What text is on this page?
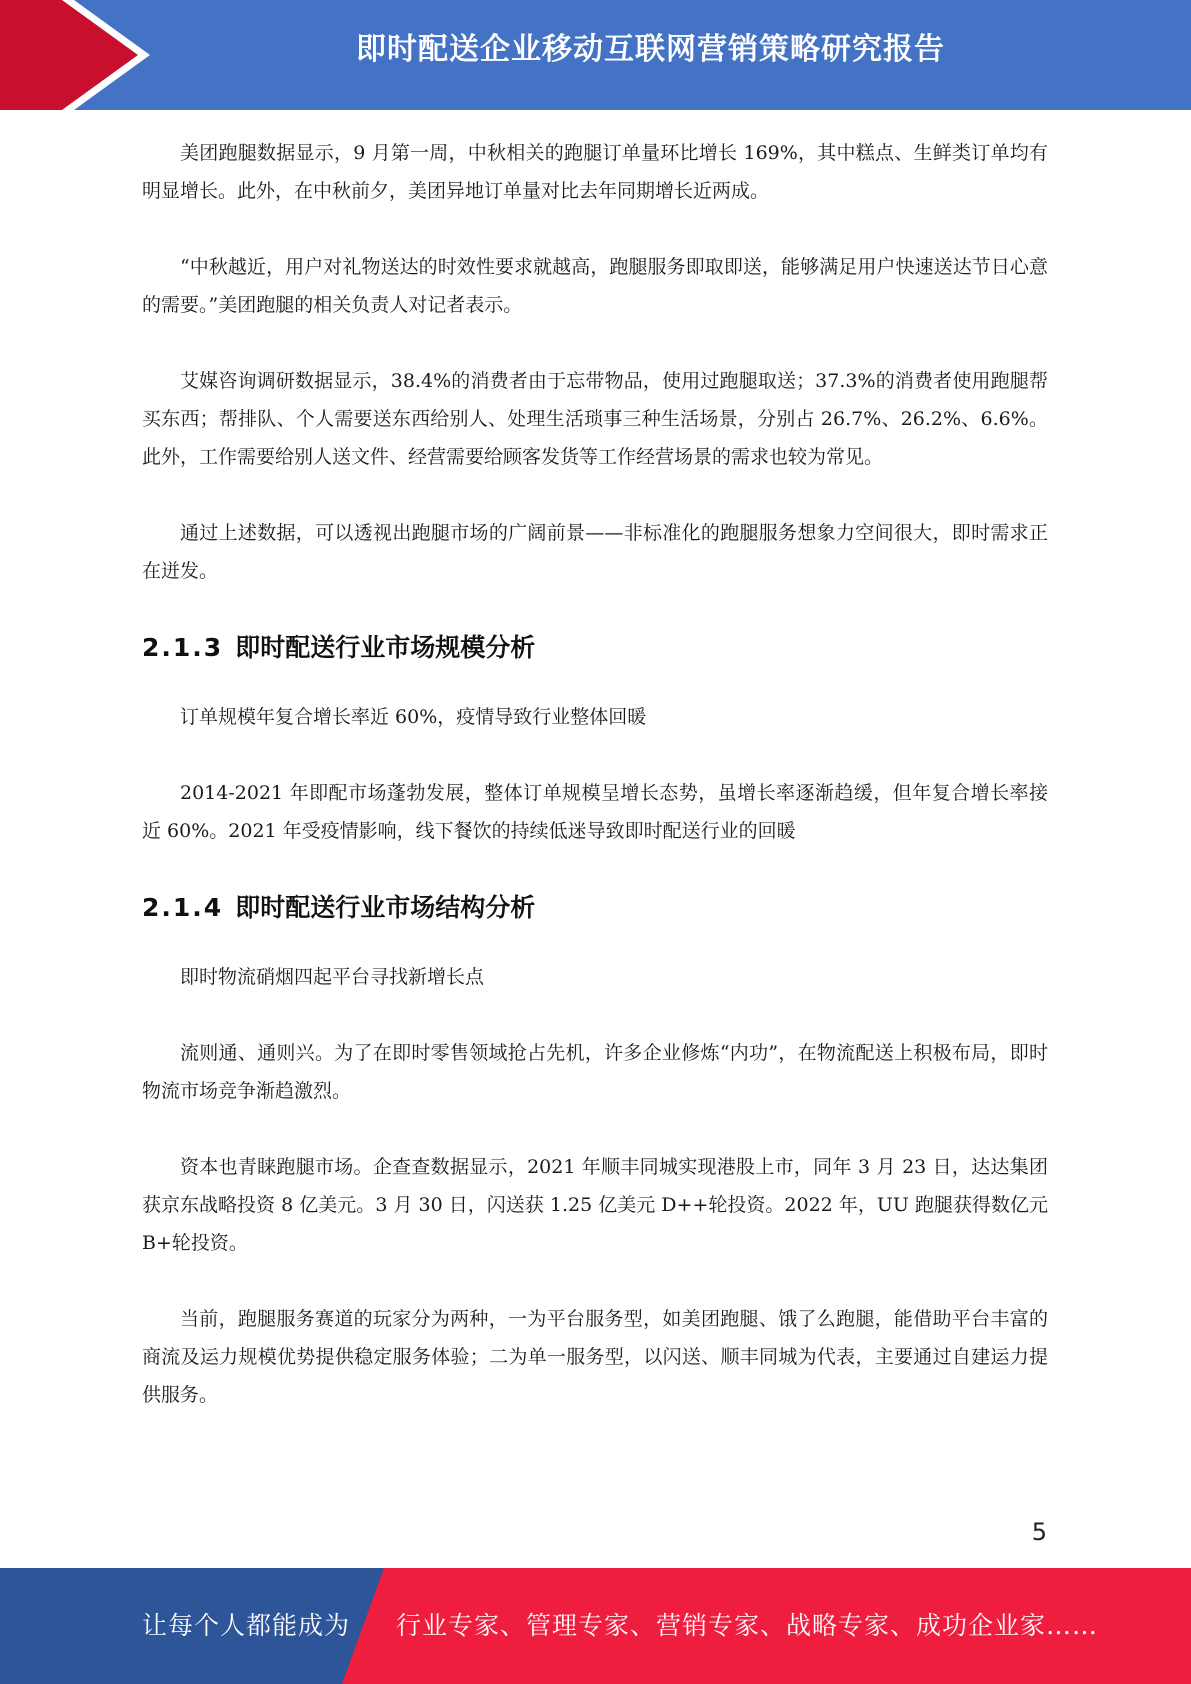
即时配送企业移动互联网营销策略研究报告

美团跑腿数据显示，9 月第一周，中秋相关的跑腿订单量环比增长 169%，其中糕点、生鲜类订单均有明显增长。此外，在中秋前夕，美团异地订单量对比去年同期增长近两成。

“中秋越近，用户对礼物送达的时效性要求就越高，跑腿服务即取即送，能够满足用户快速送达节日心意的需要。”美团跑腿的相关负责人对记者表示。

艾媒咨询调研数据显示，38.4%的消费者由于忘带物品，使用过跑腿取送；37.3%的消费者使用跑腿帮买东西；帮排队、个人需要送东西给别人、处理生活琐事三种生活场景，分别占 26.7%、26.2%、6.6%。此外，工作需要给别人送文件、经营需要给顾客发货等工作经营场景的需求也较为常见。

通过上述数据，可以透视出跑腿市场的广阔前景——非标准化的跑腿服务想象力空间很大，即时需求正在迸发。

2.1.3 即时配送行业市场规模分析

订单规模年复合增长率近 60%，疫情导致行业整体回暖

2014-2021 年即配市场蓬勃发展，整体订单规模呈增长态势，虽增长率逐渐趋缓，但年复合增长率接近 60%。2021 年受疫情影响，线下餐饮的持续低迷导致即时配送行业的回暖

2.1.4 即时配送行业市场结构分析

即时物流硝烟四起平台寻找新增长点

流则通、通则兴。为了在即时零售领域抢占先机，许多企业修炼“内功”，在物流配送上积极布局，即时物流市场竞争渐趋激烈。

资本也青睐跑腿市场。企查查数据显示，2021 年顺丰同城实现港股上市，同年 3 月 23 日，达达集团获京东战略投资 8 亿美元。3 月 30 日，闪送获 1.25 亿美元 D++轮投资。2022 年，UU 跑腿获得数亿元 B+轮投资。

当前，跑腿服务赛道的玩家分为两种，一为平台服务型，如美团跑腿、饿了么跑腿，能借助平台丰富的商流及运力规模优势提供稳定服务体验；二为单一服务型，以闪送、顺丰同城为代表，主要通过自建运力提供服务。

5
让每个人都能成为 行业专家、管理专家、营销专家、战略专家、成功企业家……
